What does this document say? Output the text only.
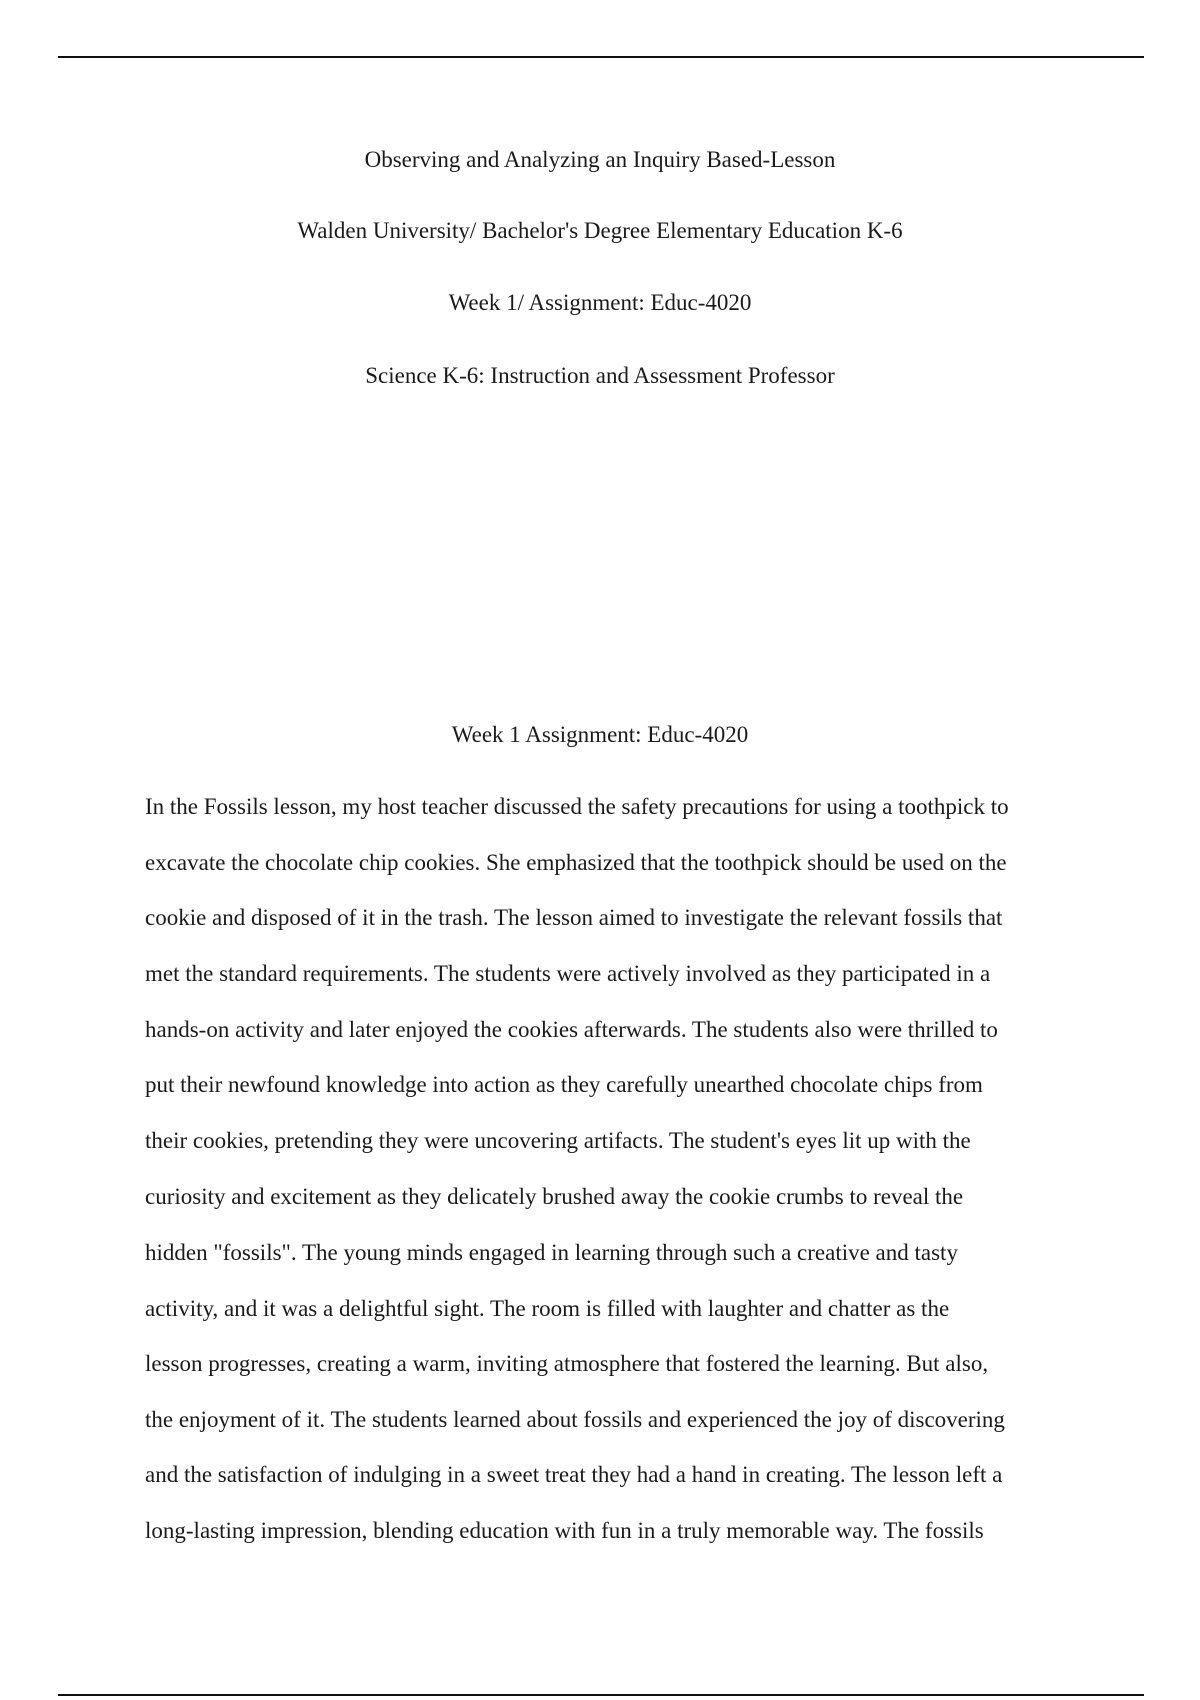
Observing and Analyzing an Inquiry Based-Lesson
Walden University/ Bachelor's Degree Elementary Education K-6
Week 1/ Assignment: Educ-4020
Science K-6: Instruction and Assessment Professor
Week 1 Assignment: Educ-4020
In the Fossils lesson, my host teacher discussed the safety precautions for using a toothpick to
excavate the chocolate chip cookies. She emphasized that the toothpick should be used on the
cookie and disposed of it in the trash. The lesson aimed to investigate the relevant fossils that
met the standard requirements. The students were actively involved as they participated in a
hands-on activity and later enjoyed the cookies afterwards. The students also were thrilled to
put their newfound knowledge into action as they carefully unearthed chocolate chips from
their cookies, pretending they were uncovering artifacts. The student's eyes lit up with the
curiosity and excitement as they delicately brushed away the cookie crumbs to reveal the
hidden "fossils". The young minds engaged in learning through such a creative and tasty
activity, and it was a delightful sight. The room is filled with laughter and chatter as the
lesson progresses, creating a warm, inviting atmosphere that fostered the learning. But also,
the enjoyment of it. The students learned about fossils and experienced the joy of discovering
and the satisfaction of indulging in a sweet treat they had a hand in creating. The lesson left a
long-lasting impression, blending education with fun in a truly memorable way. The fossils
